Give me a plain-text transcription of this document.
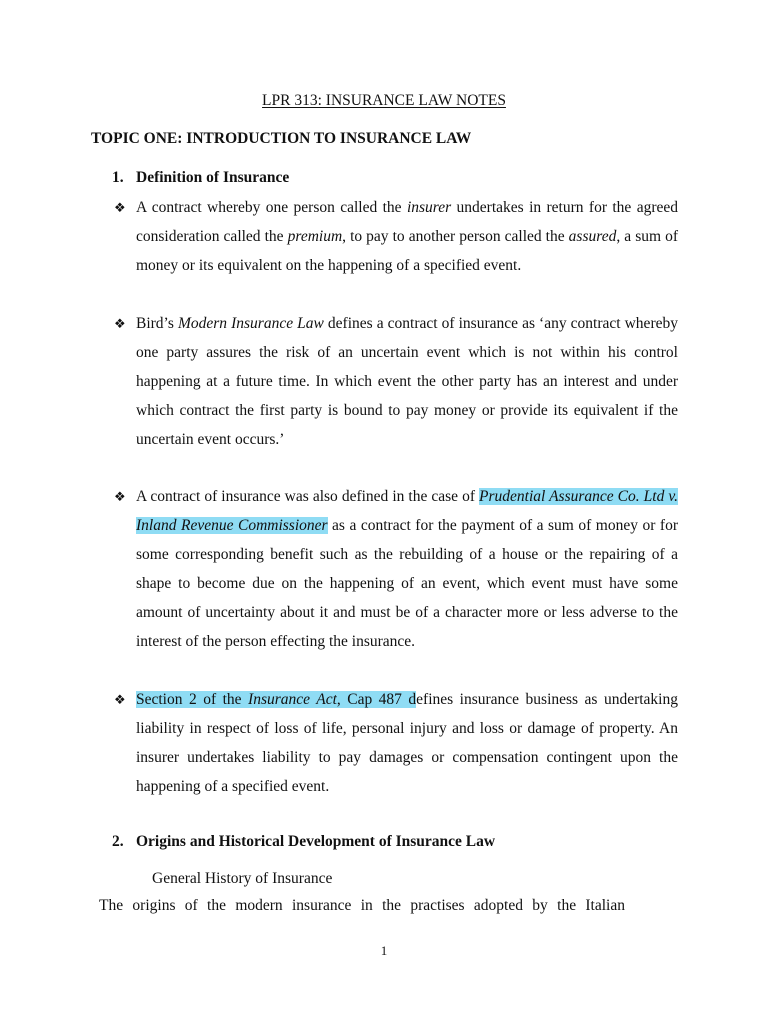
LPR 313: INSURANCE LAW NOTES
TOPIC ONE: INTRODUCTION TO INSURANCE LAW
1. Definition of Insurance
❖ A contract whereby one person called the insurer undertakes in return for the agreed consideration called the premium, to pay to another person called the assured, a sum of money or its equivalent on the happening of a specified event.
❖ Bird’s Modern Insurance Law defines a contract of insurance as ‘any contract whereby one party assures the risk of an uncertain event which is not within his control happening at a future time. In which event the other party has an interest and under which contract the first party is bound to pay money or provide its equivalent if the uncertain event occurs.’
❖ A contract of insurance was also defined in the case of Prudential Assurance Co. Ltd v. Inland Revenue Commissioner as a contract for the payment of a sum of money or for some corresponding benefit such as the rebuilding of a house or the repairing of a shape to become due on the happening of an event, which event must have some amount of uncertainty about it and must be of a character more or less adverse to the interest of the person effecting the insurance.
❖ Section 2 of the Insurance Act, Cap 487 defines insurance business as undertaking liability in respect of loss of life, personal injury and loss or damage of property. An insurer undertakes liability to pay damages or compensation contingent upon the happening of a specified event.
2. Origins and Historical Development of Insurance Law
General History of Insurance
The origins of the modern insurance in the practises adopted by the Italian
1
